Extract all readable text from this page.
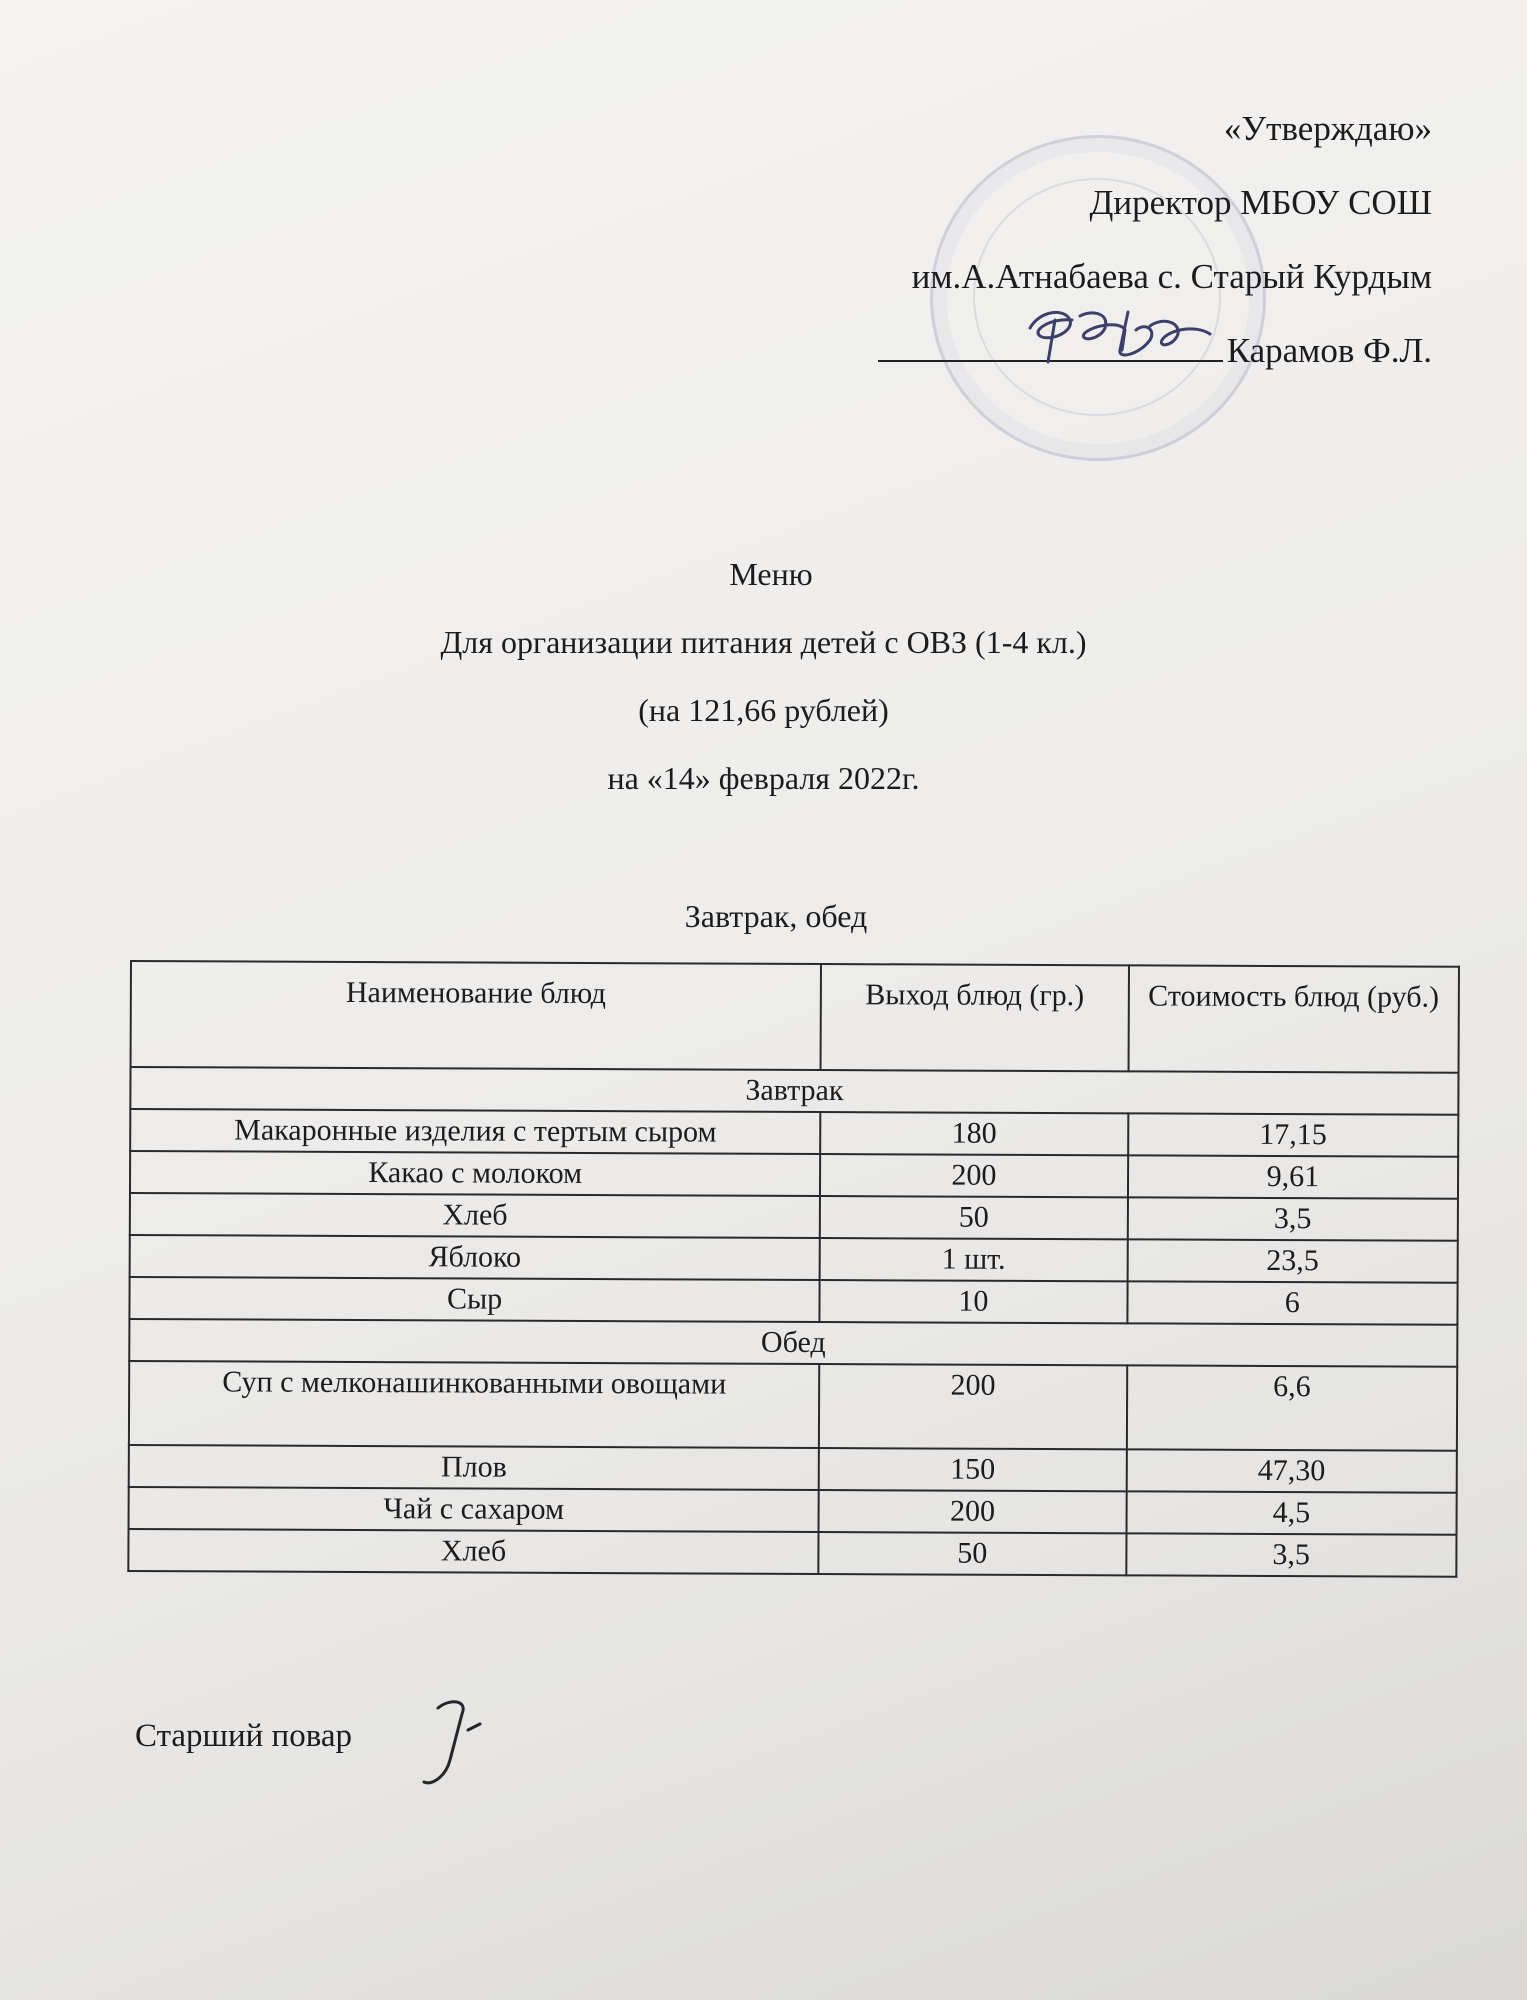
«Утверждаю»
Директор МБОУ СОШ
им.А.Атнабаева с. Старый Курдым
Карамов Ф.Л.
Меню
Для организации питания детей с ОВЗ (1-4 кл.)
(на 121,66 рублей)
на «14» февраля 2022г.
Завтрак, обед
Наименование блюд	Выход блюд (гр.)	Стоимость блюд (руб.)
Завтрак		
Макаронные изделия с тертым сыром	180	17,15
Какао с молоком	200	9,61
Хлеб	50	3,5
Яблоко	1 шт.	23,5
Сыр	10	6
Обед		
Суп с мелконашинкованными овощами	200	6,6
Плов	150	47,30
Чай с сахаром	200	4,5
Хлеб	50	3,5
Старший повар
